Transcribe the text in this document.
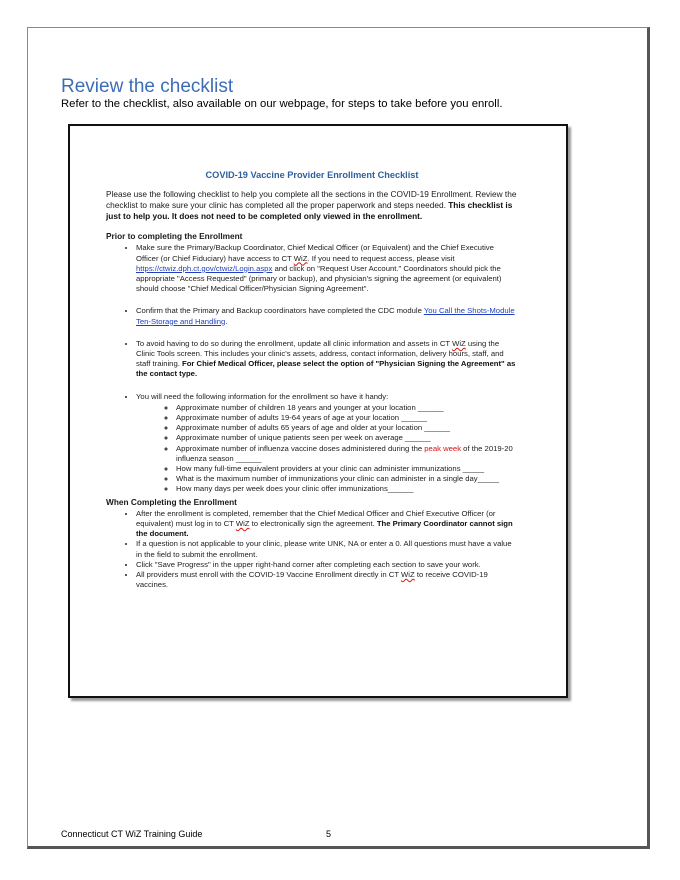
Review the checklist
Refer to the checklist, also available on our webpage, for steps to take before you enroll.
COVID-19 Vaccine Provider Enrollment Checklist
Please use the following checklist to help you complete all the sections in the COVID-19 Enrollment. Review the checklist to make sure your clinic has completed all the proper paperwork and steps needed. This checklist is just to help you. It does not need to be completed only viewed in the enrollment.
Prior to completing the Enrollment
• Make sure the Primary/Backup Coordinator, Chief Medical Officer (or Equivalent) and the Chief Executive Officer (or Chief Fiduciary) have access to CT WiZ. If you need to request access, please visit https://ctwiz.dph.ct.gov/ctwiz/Login.aspx and click on "Request User Account." Coordinators should pick the appropriate "Access Requested" (primary or backup), and physician's signing the agreement (or equivalent) should choose "Chief Medical Officer/Physician Signing Agreement".
• Confirm that the Primary and Backup coordinators have completed the CDC module You Call the Shots-Module Ten-Storage and Handling.
• To avoid having to do so during the enrollment, update all clinic information and assets in CT WiZ using the Clinic Tools screen. This includes your clinic's assets, address, contact information, delivery hours, staff, and staff training. For Chief Medical Officer, please select the option of "Physician Signing the Agreement" as the contact type.
• You will need the following information for the enrollment so have it handy:
◦ Approximate number of children 18 years and younger at your location ______
◦ Approximate number of adults 19-64 years of age at your location ______
◦ Approximate number of adults 65 years of age and older at your location ______
◦ Approximate number of unique patients seen per week on average ______
◦ Approximate number of influenza vaccine doses administered during the peak week of the 2019-20 influenza season ______
◦ How many full-time equivalent providers at your clinic can administer immunizations _____
◦ What is the maximum number of immunizations your clinic can administer in a single day_____
◦ How many days per week does your clinic offer immunizations______
When Completing the Enrollment
• After the enrollment is completed, remember that the Chief Medical Officer and Chief Executive Officer (or equivalent) must log in to CT WiZ to electronically sign the agreement. The Primary Coordinator cannot sign the document.
• If a question is not applicable to your clinic, please write UNK, NA or enter a 0. All questions must have a value in the field to submit the enrollment.
• Click "Save Progress" in the upper right-hand corner after completing each section to save your work.
• All providers must enroll with the COVID-19 Vaccine Enrollment directly in CT WiZ to receive COVID-19 vaccines.
Connecticut CT WiZ Training Guide	5
